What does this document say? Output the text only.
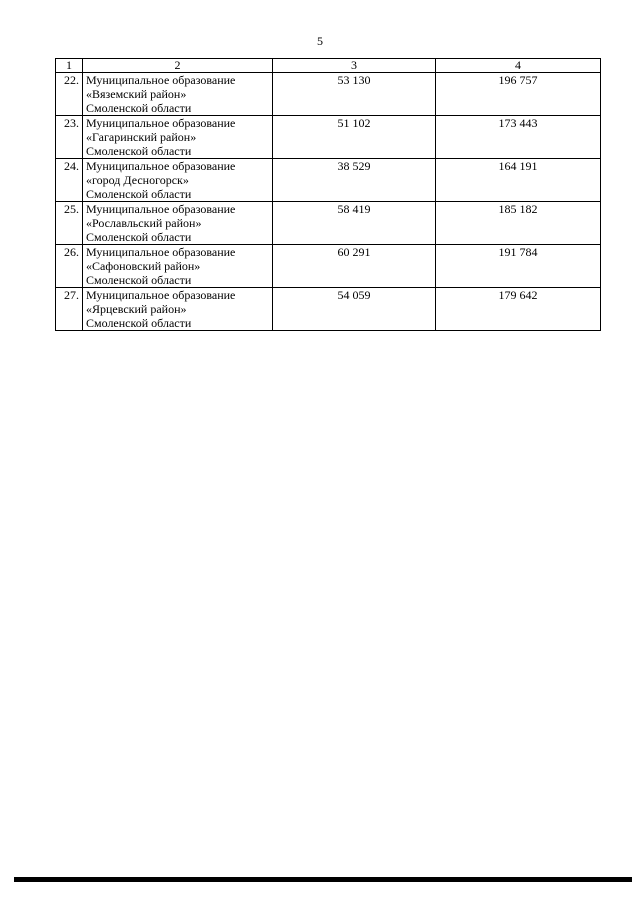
5
1	2	3	4
22.	Муниципальное образование
«Вяземский район»
Смоленской области	53 130	196 757
23.	Муниципальное образование
«Гагаринский район»
Смоленской области	51 102	173 443
24.	Муниципальное образование
«город Десногорск»
Смоленской области	38 529	164 191
25.	Муниципальное образование
«Рославльский район»
Смоленской области	58 419	185 182
26.	Муниципальное образование
«Сафоновский район»
Смоленской области	60 291	191 784
27.	Муниципальное образование
«Ярцевский район»
Смоленской области	54 059	179 642
